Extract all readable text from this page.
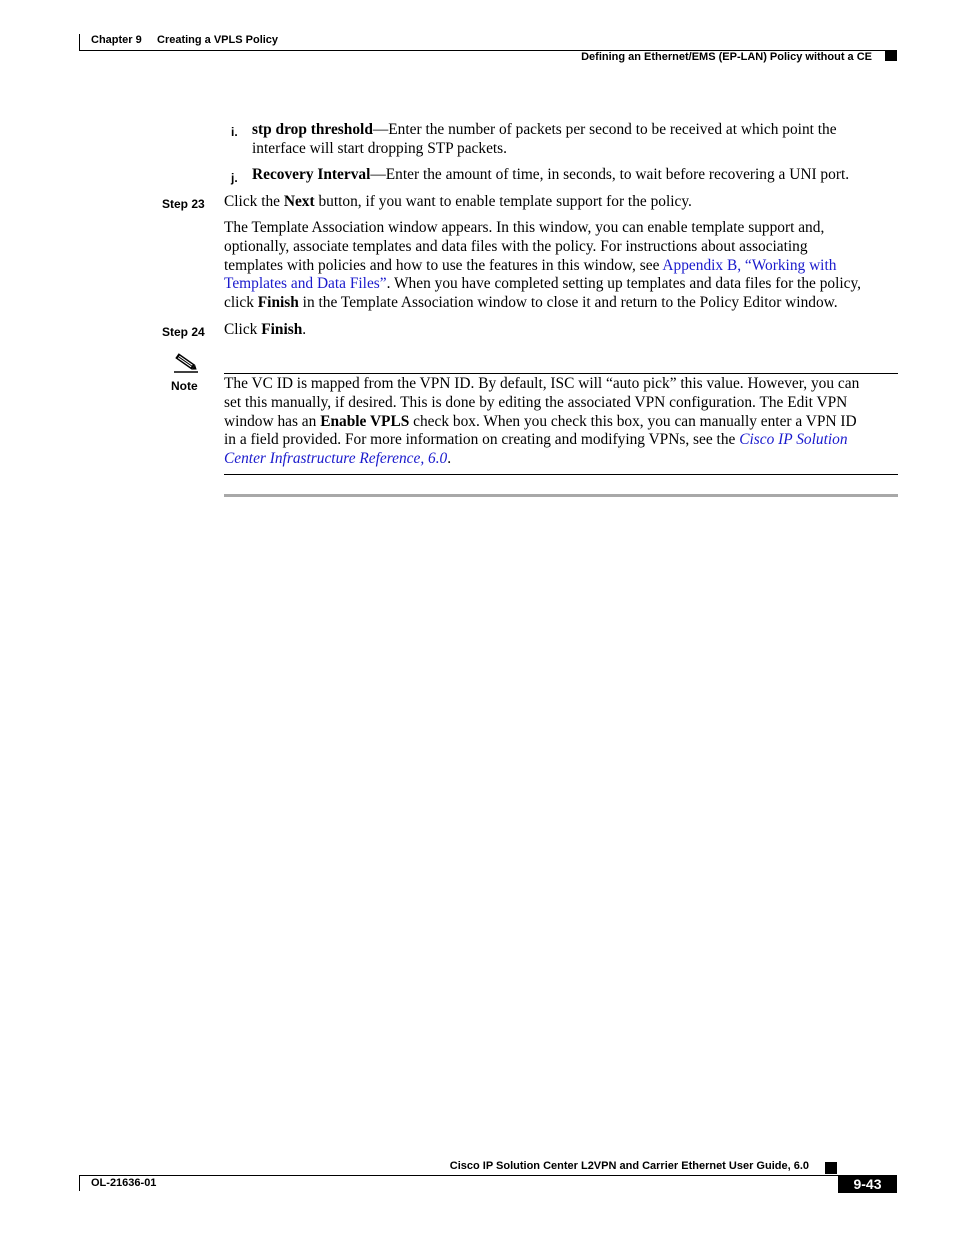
Chapter 9 Creating a VPLS Policy
Defining an Ethernet/EMS (EP-LAN) Policy without a CE
i. stp drop threshold—Enter the number of packets per second to be received at which point the
interface will start dropping STP packets.
j. Recovery Interval—Enter the amount of time, in seconds, to wait before recovering a UNI port.
Step 23 Click the Next button, if you want to enable template support for the policy.
The Template Association window appears. In this window, you can enable template support and,
optionally, associate templates and data files with the policy. For instructions about associating
templates with policies and how to use the features in this window, see Appendix B, “Working with
Templates and Data Files”. When you have completed setting up templates and data files for the policy,
click Finish in the Template Association window to close it and return to the Policy Editor window.
Step 24 Click Finish.
Note The VC ID is mapped from the VPN ID. By default, ISC will “auto pick” this value. However, you can
set this manually, if desired. This is done by editing the associated VPN configuration. The Edit VPN
window has an Enable VPLS check box. When you check this box, you can manually enter a VPN ID
in a field provided. For more information on creating and modifying VPNs, see the Cisco IP Solution
Center Infrastructure Reference, 6.0.
Cisco IP Solution Center L2VPN and Carrier Ethernet User Guide, 6.0
OL-21636-01	9-43
